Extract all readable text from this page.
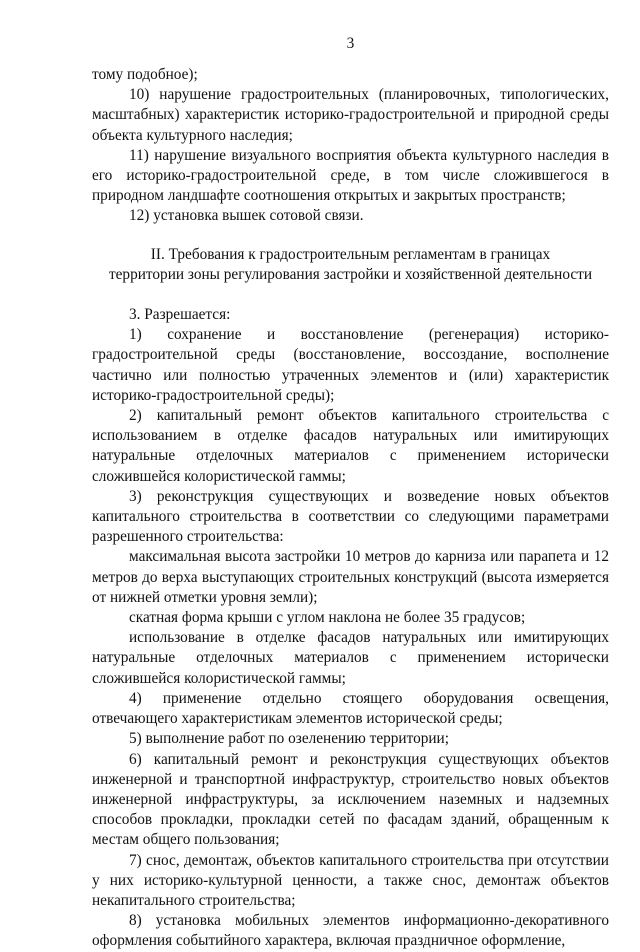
3

тому подобное);

10) нарушение градостроительных (планировочных, типологических, масштабных) характеристик историко-градостроительной и природной среды объекта культурного наследия;

11) нарушение визуального восприятия объекта культурного наследия в его историко-градостроительной среде, в том числе сложившегося в природном ландшафте соотношения открытых и закрытых пространств;

12) установка вышек сотовой связи.

II. Требования к градостроительным регламентам в границах
территории зоны регулирования застройки и хозяйственной деятельности

3. Разрешается:

1) сохранение и восстановление (регенерация) историко-градостроительной среды (восстановление, воссоздание, восполнение частично или полностью утраченных элементов и (или) характеристик историко-градостроительной среды);

2) капитальный ремонт объектов капитального строительства с использованием в отделке фасадов натуральных или имитирующих натуральные отделочных материалов с применением исторически сложившейся колористической гаммы;

3) реконструкция существующих и возведение новых объектов капитального строительства в соответствии со следующими параметрами разрешенного строительства:

максимальная высота застройки 10 метров до карниза или парапета и 12 метров до верха выступающих строительных конструкций (высота измеряется от нижней отметки уровня земли);

скатная форма крыши с углом наклона не более 35 градусов;

использование в отделке фасадов натуральных или имитирующих натуральные отделочных материалов с применением исторически сложившейся колористической гаммы;

4) применение отдельно стоящего оборудования освещения, отвечающего характеристикам элементов исторической среды;

5) выполнение работ по озеленению территории;

6) капитальный ремонт и реконструкция существующих объектов инженерной и транспортной инфраструктур, строительство новых объектов инженерной инфраструктуры, за исключением наземных и надземных способов прокладки, прокладки сетей по фасадам зданий, обращенным к местам общего пользования;

7) снос, демонтаж, объектов капитального строительства при отсутствии у них историко-культурной ценности, а также снос, демонтаж объектов некапитального строительства;

8) установка мобильных элементов информационно-декоративного оформления событийного характера, включая праздничное оформление,
